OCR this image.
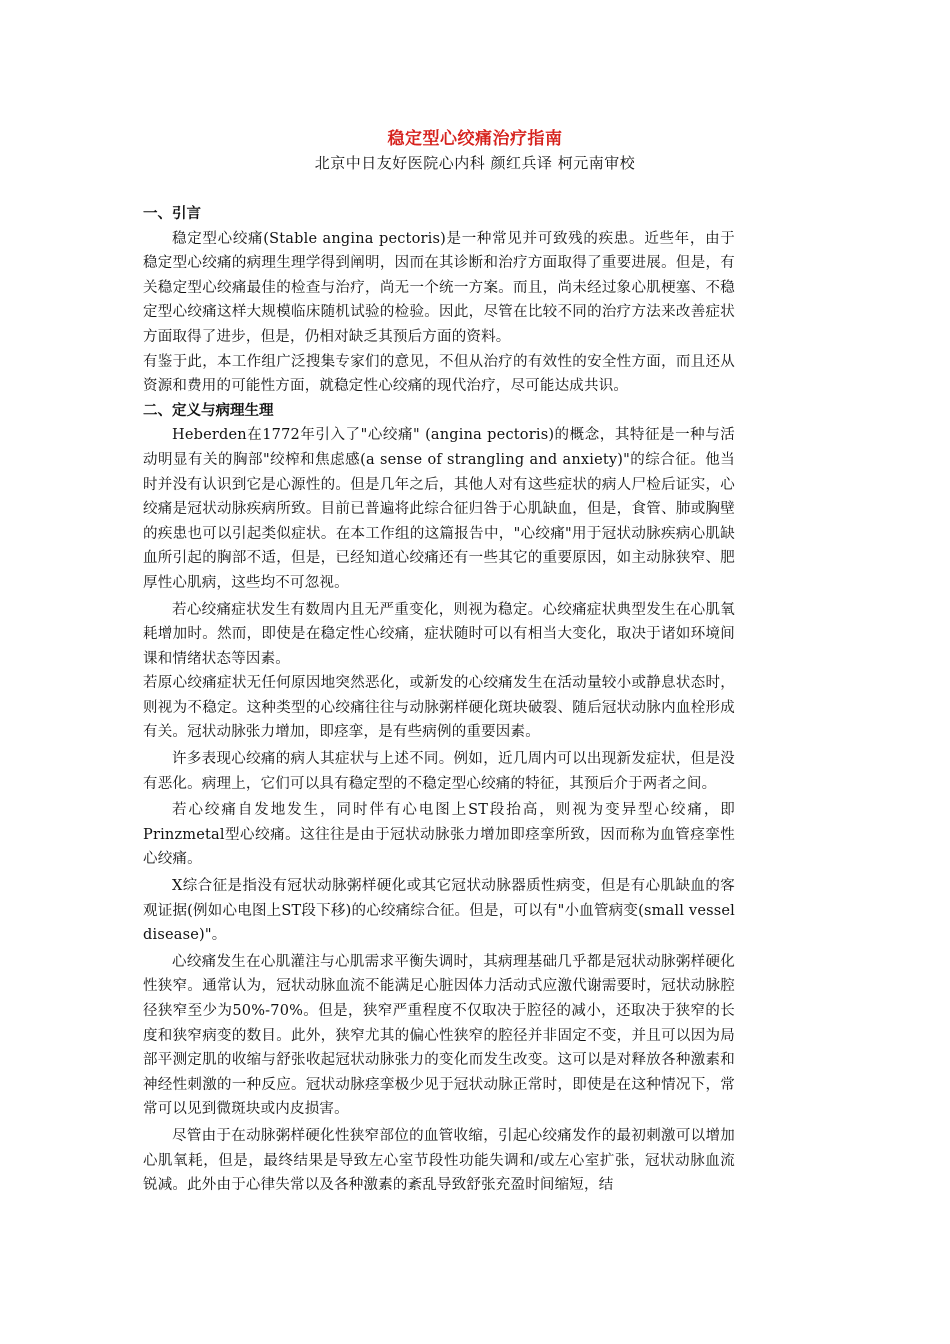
稳定型心绞痛治疗指南
北京中日友好医院心内科 颜红兵译 柯元南审校
一、引言

稳定型心绞痛(Stable angina pectoris)是一种常见并可致残的疾患。近些年，由于稳定型心绞痛的病理生理学得到阐明，因而在其诊断和治疗方面取得了重要进展。但是，有关稳定型心绞痛最佳的检查与治疗，尚无一个统一方案。而且，尚未经过象心肌梗塞、不稳定型心绞痛这样大规模临床随机试验的检验。因此，尽管在比较不同的治疗方法来改善症状方面取得了进步，但是，仍相对缺乏其预后方面的资料。

有鉴于此，本工作组广泛搜集专家们的意见，不但从治疗的有效性的安全性方面，而且还从资源和费用的可能性方面，就稳定性心绞痛的现代治疗，尽可能达成共识。

二、定义与病理生理

Heberden在1772年引入了"心绞痛" (angina pectoris)的概念，其特征是一种与活动明显有关的胸部"绞榨和焦虑感(a sense of strangling and anxiety)"的综合征。他当时并没有认识到它是心源性的。但是几年之后，其他人对有这些症状的病人尸检后证实，心绞痛是冠状动脉疾病所致。目前已普遍将此综合征归咎于心肌缺血，但是，食管、肺或胸壁的疾患也可以引起类似症状。在本工作组的这篇报告中，"心绞痛"用于冠状动脉疾病心肌缺血所引起的胸部不适，但是，已经知道心绞痛还有一些其它的重要原因，如主动脉狭窄、肥厚性心肌病，这些均不可忽视。

若心绞痛症状发生有数周内且无严重变化，则视为稳定。心绞痛症状典型发生在心肌氧耗增加时。然而，即使是在稳定性心绞痛，症状随时可以有相当大变化，取决于诸如环境间课和情绪状态等因素。

若原心绞痛症状无任何原因地突然恶化，或新发的心绞痛发生在活动量较小或静息状态时，则视为不稳定。这种类型的心绞痛往往与动脉粥样硬化斑块破裂、随后冠状动脉内血栓形成有关。冠状动脉张力增加，即痉挛，是有些病例的重要因素。

许多表现心绞痛的病人其症状与上述不同。例如，近几周内可以出现新发症状，但是没有恶化。病理上，它们可以具有稳定型的不稳定型心绞痛的特征，其预后介于两者之间。

若心绞痛自发地发生，同时伴有心电图上ST段抬高，则视为变异型心绞痛，即Prinzmetal型心绞痛。这往往是由于冠状动脉张力增加即痉挛所致，因而称为血管痉挛性心绞痛。

X综合征是指没有冠状动脉粥样硬化或其它冠状动脉器质性病变，但是有心肌缺血的客观证据(例如心电图上ST段下移)的心绞痛综合征。但是，可以有"小血管病变(small vessel disease)"。

心绞痛发生在心肌灌注与心肌需求平衡失调时，其病理基础几乎都是冠状动脉粥样硬化性狭窄。通常认为，冠状动脉血流不能满足心脏因体力活动式应激代谢需要时，冠状动脉腔径狭窄至少为50%-70%。但是，狭窄严重程度不仅取决于腔径的减小，还取决于狭窄的长度和狭窄病变的数目。此外，狭窄尤其的偏心性狭窄的腔径并非固定不变，并且可以因为局部平测定肌的收缩与舒张收起冠状动脉张力的变化而发生改变。这可以是对释放各种激素和神经性刺激的一种反应。冠状动脉痉挛极少见于冠状动脉正常时，即使是在这种情况下，常常可以见到微斑块或内皮损害。

尽管由于在动脉粥样硬化性狭窄部位的血管收缩，引起心绞痛发作的最初刺激可以增加心肌氧耗，但是，最终结果是导致左心室节段性功能失调和/或左心室扩张，冠状动脉血流锐减。此外由于心律失常以及各种激素的紊乱导致舒张充盈时间缩短，结
